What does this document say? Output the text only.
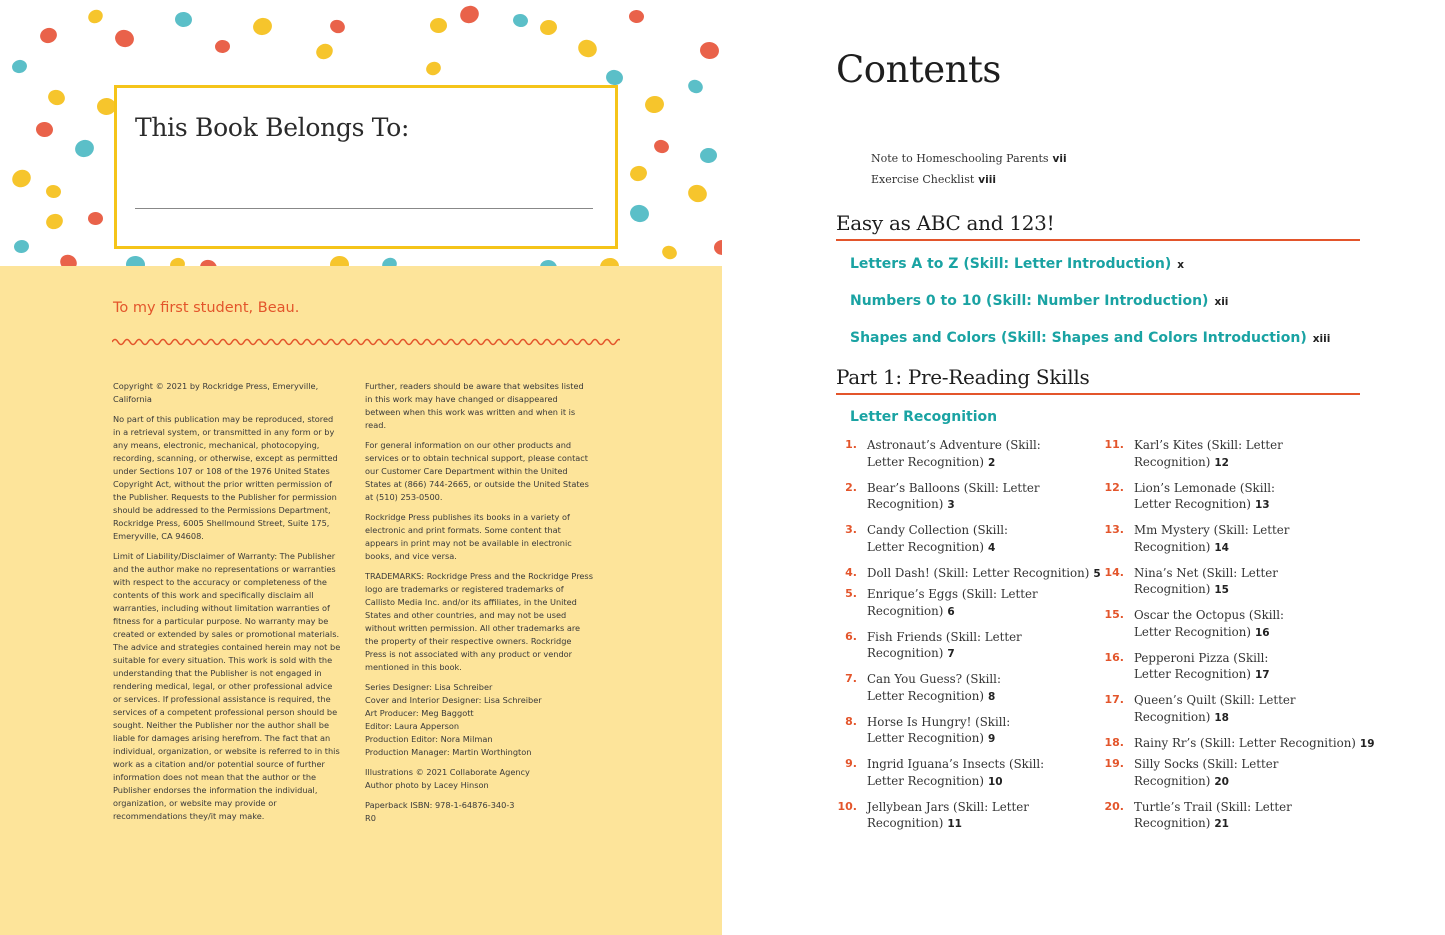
This Book Belongs To:
To my first student, Beau.

Copyright © 2021 by Rockridge Press, Emeryville, California

No part of this publication may be reproduced, stored in a retrieval system, or transmitted in any form or by any means, electronic, mechanical, photocopying, recording, scanning, or otherwise, except as permitted under Sections 107 or 108 of the 1976 United States Copyright Act, without the prior written permission of the Publisher. Requests to the Publisher for permission should be addressed to the Permissions Department, Rockridge Press, 6005 Shellmound Street, Suite 175, Emeryville, CA 94608.

Limit of Liability/Disclaimer of Warranty: The Publisher and the author make no representations or warranties with respect to the accuracy or completeness of the contents of this work and specifically disclaim all warranties, including without limitation warranties of fitness for a particular purpose. No warranty may be created or extended by sales or promotional materials. The advice and strategies contained herein may not be suitable for every situation. This work is sold with the understanding that the Publisher is not engaged in rendering medical, legal, or other professional advice or services. If professional assistance is required, the services of a competent professional person should be sought. Neither the Publisher nor the author shall be liable for damages arising herefrom. The fact that an individual, organization, or website is referred to in this work as a citation and/or potential source of further information does not mean that the author or the Publisher endorses the information the individual, organization, or website may provide or recommendations they/it may make.

Further, readers should be aware that websites listed in this work may have changed or disappeared between when this work was written and when it is read.

For general information on our other products and services or to obtain technical support, please contact our Customer Care Department within the United States at (866) 744-2665, or outside the United States at (510) 253-0500.

Rockridge Press publishes its books in a variety of electronic and print formats. Some content that appears in print may not be available in electronic books, and vice versa.

TRADEMARKS: Rockridge Press and the Rockridge Press logo are trademarks or registered trademarks of Callisto Media Inc. and/or its affiliates, in the United States and other countries, and may not be used without written permission. All other trademarks are the property of their respective owners. Rockridge Press is not associated with any product or vendor mentioned in this book.

Series Designer: Lisa Schreiber
Cover and Interior Designer: Lisa Schreiber
Art Producer: Meg Baggott
Editor: Laura Apperson
Production Editor: Nora Milman
Production Manager: Martin Worthington

Illustrations © 2021 Collaborate Agency
Author photo by Lacey Hinson

Paperback ISBN: 978-1-64876-340-3
R0

Contents
Note to Homeschooling Parents vii
Exercise Checklist viii
Easy as ABC and 123!
Letters A to Z (Skill: Letter Introduction) x
Numbers 0 to 10 (Skill: Number Introduction) xii
Shapes and Colors (Skill: Shapes and Colors Introduction) xiii
Part 1: Pre-Reading Skills
Letter Recognition
1. Astronaut’s Adventure (Skill:
Letter Recognition) 2
2. Bear’s Balloons (Skill: Letter
Recognition) 3
3. Candy Collection (Skill:
Letter Recognition) 4
4. Doll Dash! (Skill: Letter Recognition) 5
5. Enrique’s Eggs (Skill: Letter
Recognition) 6
6. Fish Friends (Skill: Letter
Recognition) 7
7. Can You Guess? (Skill:
Letter Recognition) 8
8. Horse Is Hungry! (Skill:
Letter Recognition) 9
9. Ingrid Iguana’s Insects (Skill:
Letter Recognition) 10
10. Jellybean Jars (Skill: Letter
Recognition) 11
11. Karl’s Kites (Skill: Letter
Recognition) 12
12. Lion’s Lemonade (Skill:
Letter Recognition) 13
13. Mm Mystery (Skill: Letter
Recognition) 14
14. Nina’s Net (Skill: Letter
Recognition) 15
15. Oscar the Octopus (Skill:
Letter Recognition) 16
16. Pepperoni Pizza (Skill:
Letter Recognition) 17
17. Queen’s Quilt (Skill: Letter
Recognition) 18
18. Rainy Rr’s (Skill: Letter Recognition) 19
19. Silly Socks (Skill: Letter
Recognition) 20
20. Turtle’s Trail (Skill: Letter
Recognition) 21
